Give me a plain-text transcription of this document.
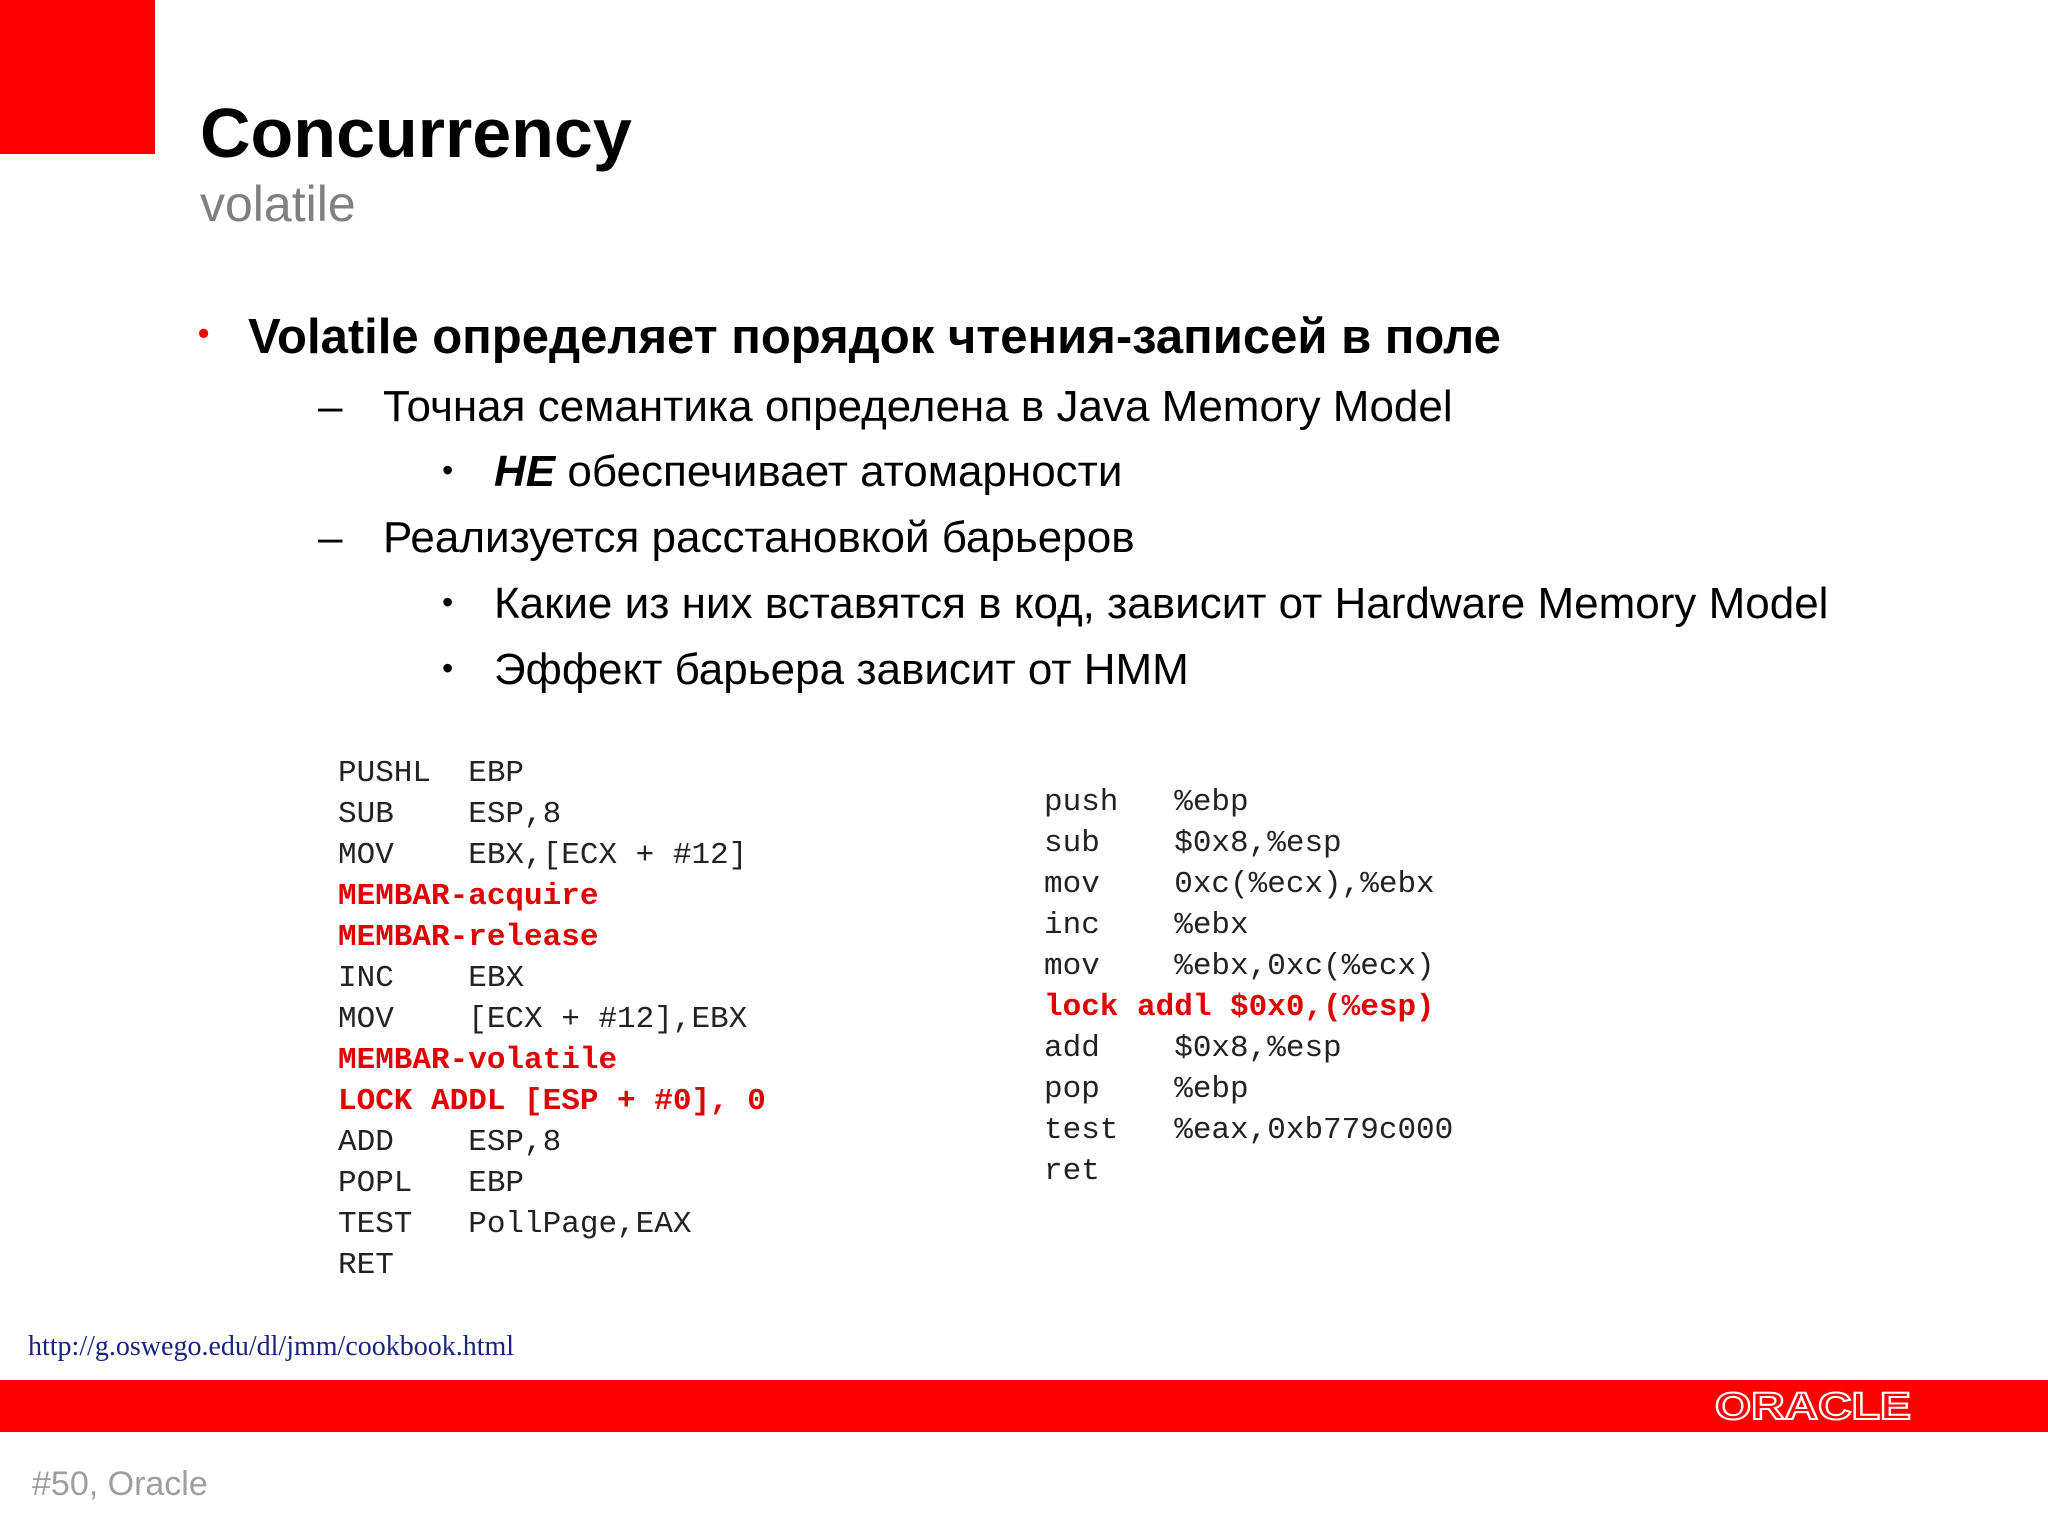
Concurrency
volatile
• Volatile определяет порядок чтения-записей в поле
– Точная семантика определена в Java Memory Model
• НЕ обеспечивает атомарности
– Реализуется расстановкой барьеров
• Какие из них вставятся в код, зависит от Hardware Memory Model
• Эффект барьера зависит от HMM
PUSHL  EBP
SUB    ESP,8
MOV    EBX,[ECX + #12]
MEMBAR-acquire
MEMBAR-release
INC    EBX
MOV    [ECX + #12],EBX
MEMBAR-volatile
LOCK ADDL [ESP + #0], 0
ADD    ESP,8
POPL   EBP
TEST   PollPage,EAX
RET
push   %ebp
sub    $0x8,%esp
mov    0xc(%ecx),%ebx
inc    %ebx
mov    %ebx,0xc(%ecx)
lock addl $0x0,(%esp)
add    $0x8,%esp
pop    %ebp
test   %eax,0xb779c000
ret
http://g.oswego.edu/dl/jmm/cookbook.html
ORACLE
#50, Oracle
